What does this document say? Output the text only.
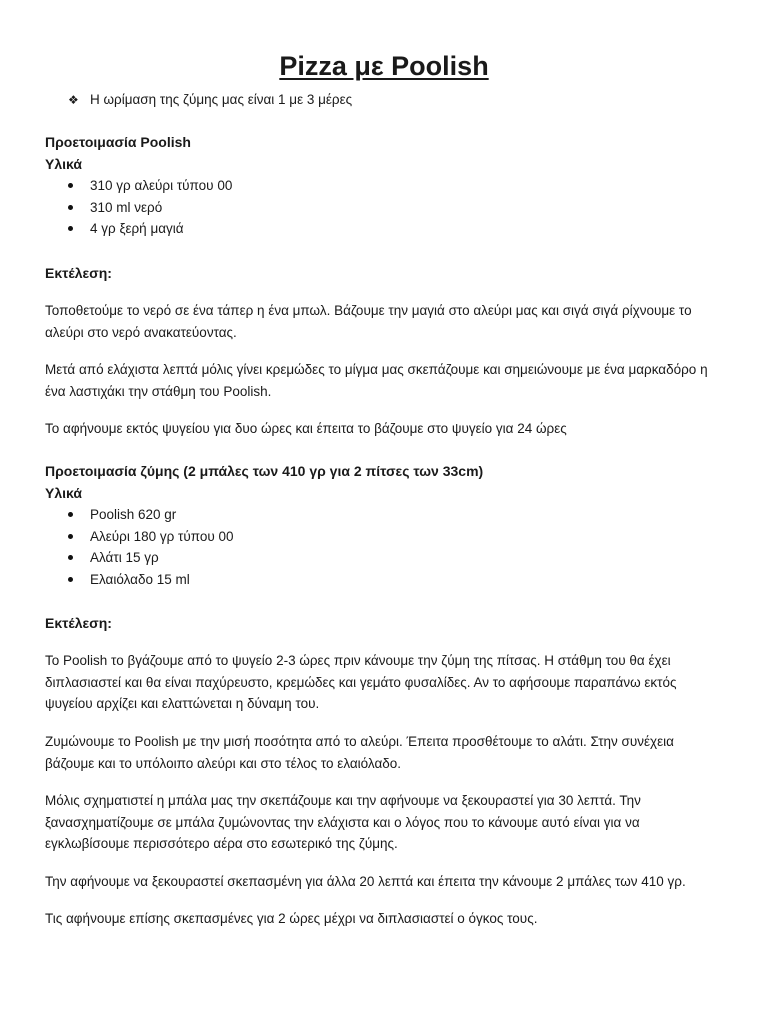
Pizza με Poolish
❖ Η ωρίμαση της ζύμης μας είναι 1 με 3 μέρες
Προετοιμασία Poolish
Υλικά
310 γρ αλεύρι τύπου 00
310 ml νερό
4 γρ ξερή μαγιά
Εκτέλεση:

Τοποθετούμε το νερό σε ένα τάπερ η ένα μπωλ. Βάζουμε την μαγιά στο αλεύρι μας και σιγά σιγά ρίχνουμε το αλεύρι στο νερό ανακατεύοντας.

Μετά από ελάχιστα λεπτά μόλις γίνει κρεμώδες το μίγμα μας σκεπάζουμε και σημειώνουμε με ένα μαρκαδόρο η ένα λαστιχάκι την στάθμη του Poolish.

Το αφήνουμε εκτός ψυγείου για δυο ώρες και έπειτα το βάζουμε στο ψυγείο για 24 ώρες

Προετοιμασία ζύμης (2 μπάλες των 410 γρ για 2 πίτσες των 33cm)
Υλικά
Poolish 620 gr
Αλεύρι 180 γρ τύπου 00
Αλάτι 15 γρ
Ελαιόλαδο 15 ml
Εκτέλεση:

Το Poolish το βγάζουμε από το ψυγείο 2-3 ώρες πριν κάνουμε την ζύμη της πίτσας. Η στάθμη του θα έχει διπλασιαστεί και θα είναι παχύρευστο, κρεμώδες και γεμάτο φυσαλίδες. Αν το αφήσουμε παραπάνω εκτός ψυγείου αρχίζει και ελαττώνεται η δύναμη του.

Ζυμώνουμε το Poolish με την μισή ποσότητα από το αλεύρι. Έπειτα προσθέτουμε το αλάτι. Στην συνέχεια βάζουμε και το υπόλοιπο αλεύρι και στο τέλος το ελαιόλαδο.

Μόλις σχηματιστεί η μπάλα μας την σκεπάζουμε και την αφήνουμε να ξεκουραστεί για 30 λεπτά. Την ξανασχηματίζουμε σε μπάλα ζυμώνοντας την ελάχιστα και ο λόγος που το κάνουμε αυτό είναι για να εγκλωβίσουμε περισσότερο αέρα στο εσωτερικό της ζύμης.

Την αφήνουμε να ξεκουραστεί σκεπασμένη για άλλα 20 λεπτά και έπειτα την κάνουμε 2 μπάλες των 410 γρ.

Τις αφήνουμε επίσης σκεπασμένες για 2 ώρες μέχρι να διπλασιαστεί ο όγκος τους.
